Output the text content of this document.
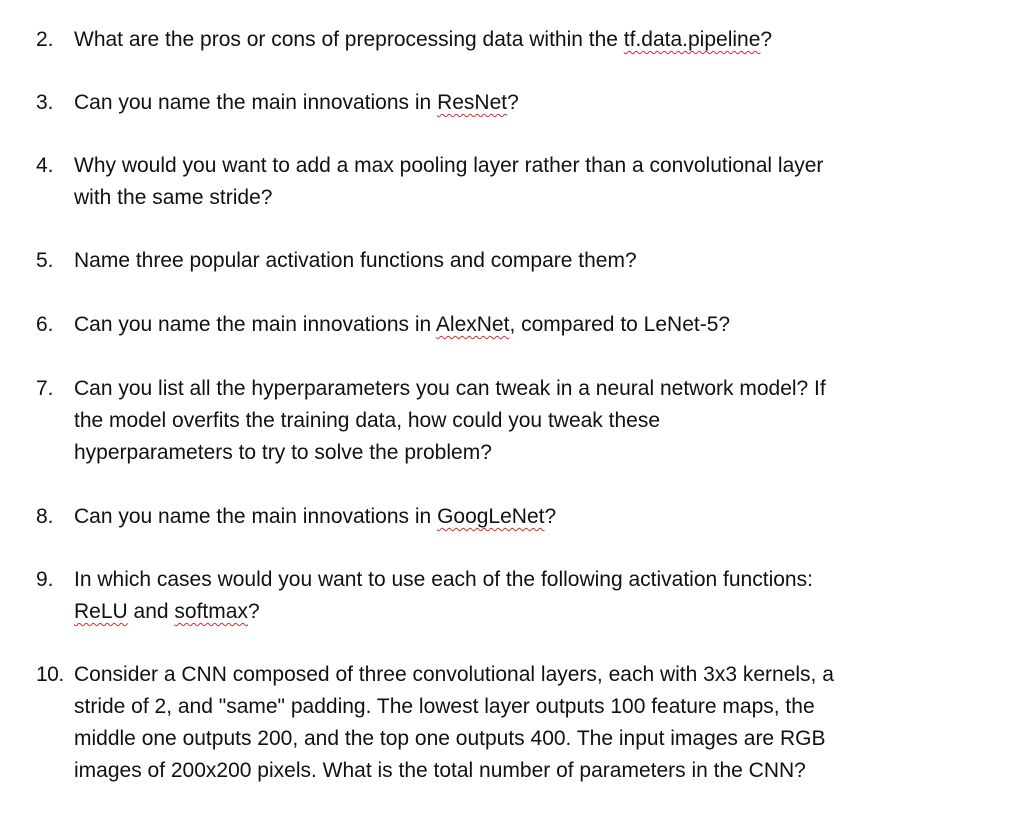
2. What are the pros or cons of preprocessing data within the tf.data.pipeline?
3. Can you name the main innovations in ResNet?
4. Why would you want to add a max pooling layer rather than a convolutional layer
with the same stride?
5. Name three popular activation functions and compare them?
6. Can you name the main innovations in AlexNet, compared to LeNet-5?
7. Can you list all the hyperparameters you can tweak in a neural network model? If
the model overfits the training data, how could you tweak these
hyperparameters to try to solve the problem?
8. Can you name the main innovations in GoogLeNet?
9. In which cases would you want to use each of the following activation functions:
ReLU and softmax?
10. Consider a CNN composed of three convolutional layers, each with 3x3 kernels, a
stride of 2, and "same" padding. The lowest layer outputs 100 feature maps, the
middle one outputs 200, and the top one outputs 400. The input images are RGB
images of 200x200 pixels. What is the total number of parameters in the CNN?
